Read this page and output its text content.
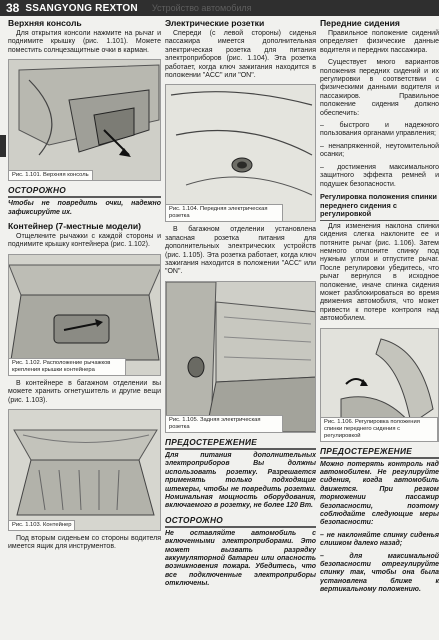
38 SSANGYONG REXTON Устройство автомобиля
Верхняя консоль

Для открытия консоли нажмите на рычаг и поднимите крышку (рис. 1.101). Можете поместить солнцезащитные очки в карман.

Рис. 1.101. Верхняя консоль
ОСТОРОЖНО

Чтобы не повредить очки, надежно зафиксируйте их.

Контейнер (7-местные модели)

Отщелкните рычажки с каждой стороны и поднимите крышку контейнера (рис. 1.102).

Рис. 1.102. Расположение рычажков крепления крышки контейнера

В контейнере в багажном отделении вы можете хранить огнетушитель и другие вещи (рис. 1.103).

Рис. 1.103. Контейнер

Под вторым сиденьем со стороны водителя имеется ящик для инструментов.

Электрические розетки

Спереди (с левой стороны) сиденья пассажира имеется дополнительная электрическая розетка для питания электроприборов (рис. 1.104). Эта розетка работает, когда ключ зажигания находится в положении "ACC" или "ON".

Рис. 1.104. Передняя электрическая розетка

В багажном отделении установлена запасная розетка питания для дополнительных электрических устройств (рис. 1.105). Эта розетка работает, когда ключ зажигания находится в положении "ACC" или "ON".

Рис. 1.105. Задняя электрическая розетка
ПРЕДОСТЕРЕЖЕНИЕ

Для питания дополнительных электроприборов Вы должны использовать розетку. Разрешается применять только подходящие штекеры, чтобы не повредить розетки. Номинальная мощность оборудования, включаемого в розетку, не более 120 Вт.

ОСТОРОЖНО

Не оставляйте автомобиль с включенными электроприборами. Это может вызвать разрядку аккумуляторной батареи или опасность возникновения пожара. Убедитесь, что все подключенные электроприборы отключены.

Передние сидения

Правильное положение сидений определяет физические данные водителя и передних пассажира.

Существует много вариантов положения передних сидений и их регулировки в соответствии с физическими данными водителя и пассажиров. Правильное положение сидения должно обеспечить:

– быстрого и надежного пользования органами управления;

– ненапряженной, неутомительной осанки;

– достижения максимального защитного эффекта ремней и подушек безопасности.

Регулировка положения спинки переднего сидения с регулировкой

Для изменения наклона спинки сидения слегка наклоните ее и потяните рычаг (рис. 1.106). Затем немного отклоните спинку под нужным углом и отпустите рычаг. После регулировки убедитесь, что рычаг вернулся в исходное положение, иначе спинка сидения может разблокироваться во время движения автомобиля, что может привести к потере контроля над автомобилем.

Рис. 1.106. Регулировка положения спинки переднего сидения с регулировкой
ПРЕДОСТЕРЕЖЕНИЕ

Можно потерять контроль над автомобилем. Не регулируйте сидения, когда автомобиль движется. При резком торможении пассажир безопасности, поэтому соблюдайте следующие меры безопасности:

– не наклоняйте спинку сиденья слишком далеко назад;

– для максимальной безопасности отрегулируйте спинку так, чтобы она была установлена ближе к вертикальному положению.
